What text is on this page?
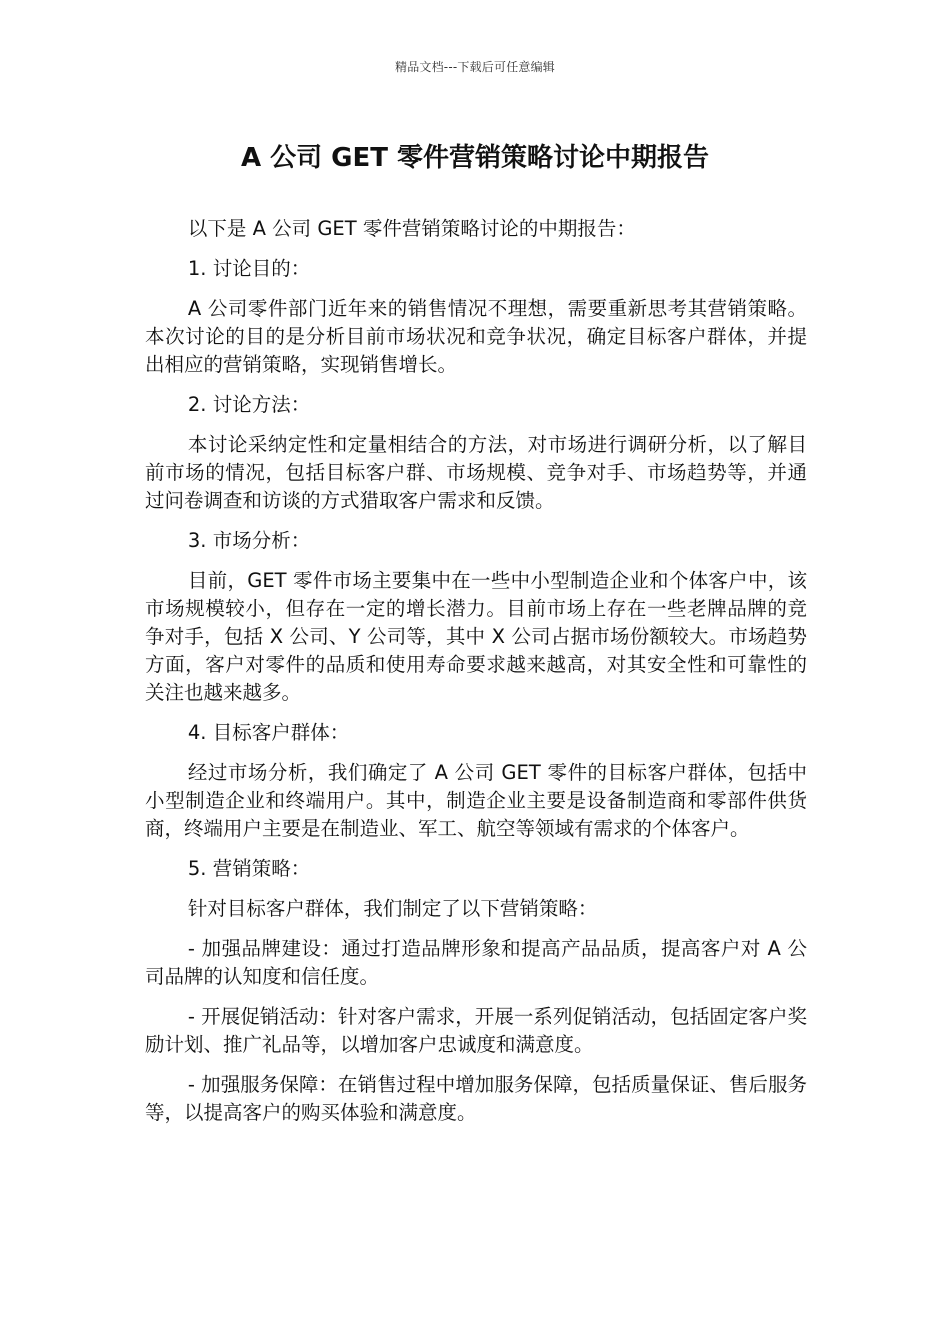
精品文档---下载后可任意编辑
A 公司 GET 零件营销策略讨论中期报告

以下是 A 公司 GET 零件营销策略讨论的中期报告：

1. 讨论目的：

A 公司零件部门近年来的销售情况不理想，需要重新思考其营销策略。本次讨论的目的是分析目前市场状况和竞争状况，确定目标客户群体，并提出相应的营销策略，实现销售增长。

2. 讨论方法：

本讨论采纳定性和定量相结合的方法，对市场进行调研分析，以了解目前市场的情况，包括目标客户群、市场规模、竞争对手、市场趋势等，并通过问卷调查和访谈的方式猎取客户需求和反馈。

3. 市场分析：

目前，GET 零件市场主要集中在一些中小型制造企业和个体客户中，该市场规模较小，但存在一定的增长潜力。目前市场上存在一些老牌品牌的竞争对手，包括 X 公司、Y 公司等，其中 X 公司占据市场份额较大。市场趋势方面，客户对零件的品质和使用寿命要求越来越高，对其安全性和可靠性的关注也越来越多。

4. 目标客户群体：

经过市场分析，我们确定了 A 公司 GET 零件的目标客户群体，包括中小型制造企业和终端用户。其中，制造企业主要是设备制造商和零部件供货商，终端用户主要是在制造业、军工、航空等领域有需求的个体客户。

5. 营销策略：

针对目标客户群体，我们制定了以下营销策略：

- 加强品牌建设：通过打造品牌形象和提高产品品质，提高客户对 A 公司品牌的认知度和信任度。

- 开展促销活动：针对客户需求，开展一系列促销活动，包括固定客户奖励计划、推广礼品等，以增加客户忠诚度和满意度。

- 加强服务保障：在销售过程中增加服务保障，包括质量保证、售后服务等，以提高客户的购买体验和满意度。
